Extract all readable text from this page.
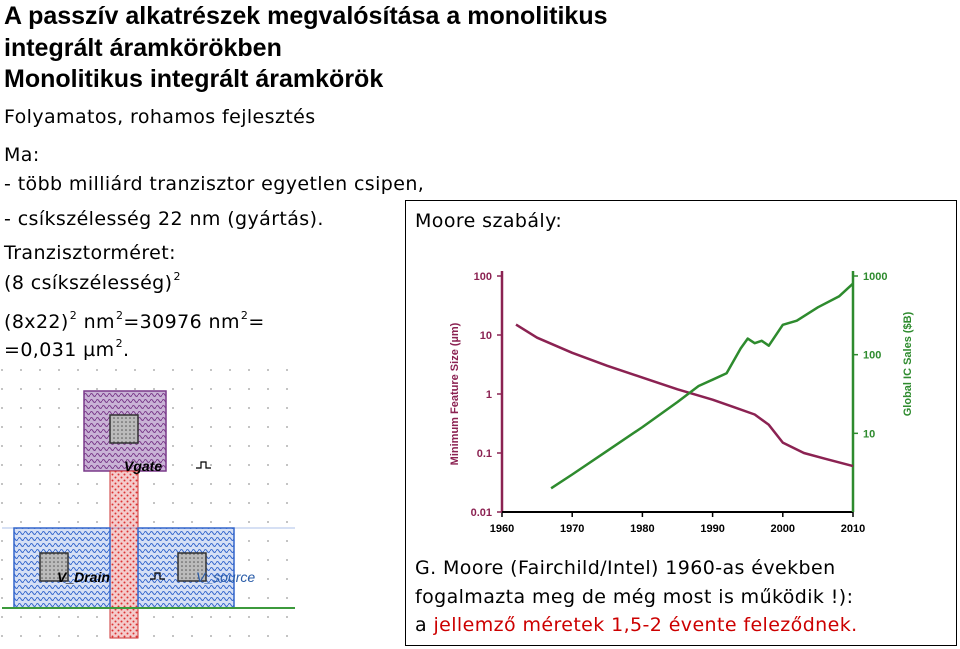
A passzív alkatrészek megvalósítása a monolitikus
integrált áramkörökben
Monolitikus integrált áramkörök
Folyamatos, rohamos fejlesztés
Ma:
- több milliárd tranzisztor egyetlen csipen,
- csíkszélesség 22 nm (gyártás).
Tranzisztorméret:
(8 csíkszélesség)$^2$
$(8x22)^2$ $nm^2=30976$ $nm^2=$
=0,031 µm$^2$.
Vgate
V_Drain	V_source
Moore szabály:
1960	1970	1980	1990	2000	2010
100
10
1
0.1
0.01
1000
100
10
Minimum Feature Size (µm)	Global IC Sales ($B)
G. Moore (Fairchild/Intel) 1960-as években
fogalmazta meg de még most is működik !):
a jellemző méretek 1,5-2 évente feleződnek.
